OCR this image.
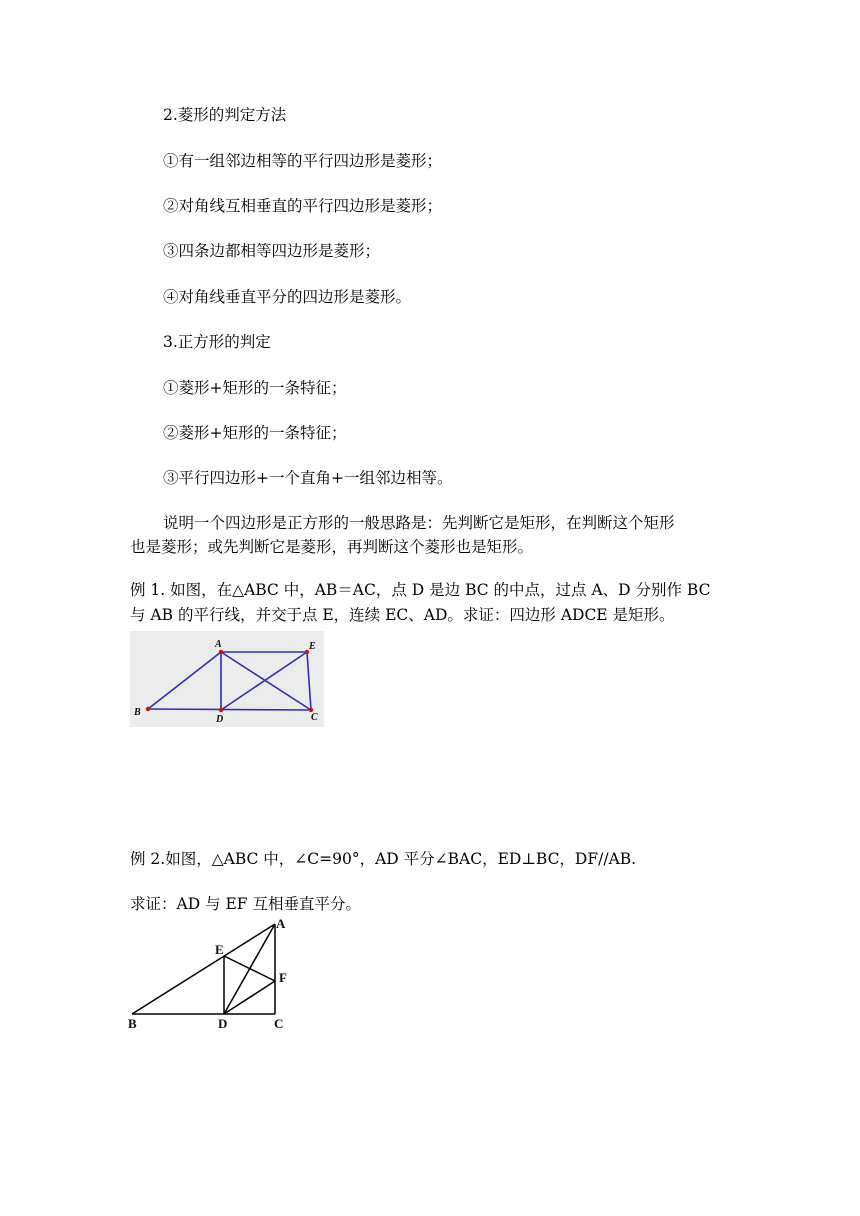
2.菱形的判定方法
①有一组邻边相等的平行四边形是菱形；
②对角线互相垂直的平行四边形是菱形；
③四条边都相等四边形是菱形；
④对角线垂直平分的四边形是菱形。
3.正方形的判定
①菱形+矩形的一条特征；
②菱形+矩形的一条特征；
③平行四边形+一个直角+一组邻边相等。
说明一个四边形是正方形的一般思路是：先判断它是矩形，在判断这个矩形
也是菱形；或先判断它是菱形，再判断这个菱形也是矩形。
例 1. 如图，在△ABC 中，AB＝AC，点 D 是边 BC 的中点，过点 A、D 分别作 BC
与 AB 的平行线，并交于点 E，连续 EC、AD。求证：四边形 ADCE 是矩形。
A	E
B
D	C
例 2.如图，△ABC 中，∠C=90°，AD 平分∠BAC，ED⊥BC，DF//AB.
求证：AD 与 EF 互相垂直平分。
A
E
F
B	D	C
